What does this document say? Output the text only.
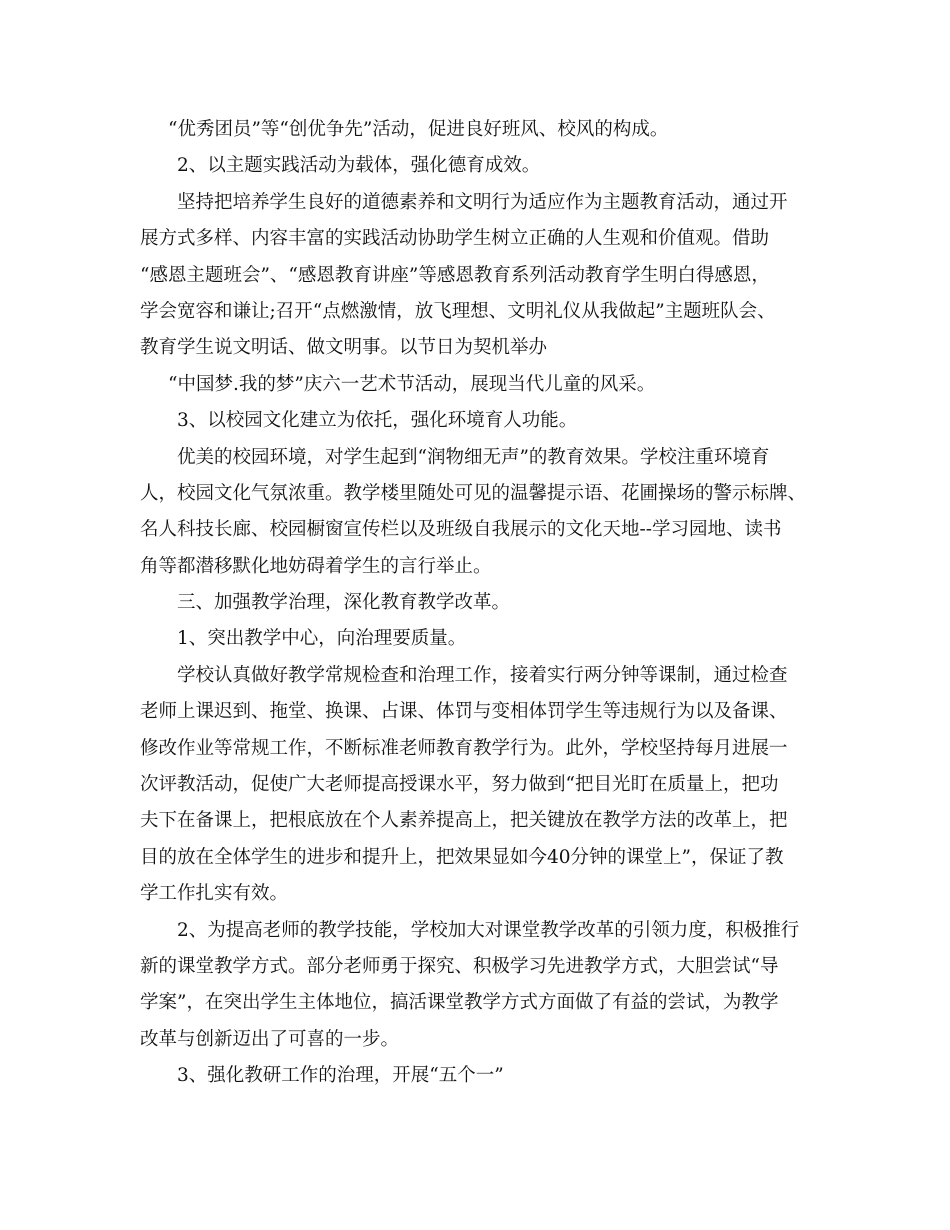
“优秀团员”等“创优争先”活动，促进良好班风、校风的构成。
2、以主题实践活动为载体，强化德育成效。
坚持把培养学生良好的道德素养和文明行为适应作为主题教育活动，通过开
展方式多样、内容丰富的实践活动协助学生树立正确的人生观和价值观。借助
“感恩主题班会”、“感恩教育讲座”等感恩教育系列活动教育学生明白得感恩，
学会宽容和谦让;召开“点燃激情，放飞理想、文明礼仪从我做起”主题班队会、
教育学生说文明话、做文明事。以节日为契机举办
“中国梦.我的梦”庆六一艺术节活动，展现当代儿童的风采。
3、以校园文化建立为依托，强化环境育人功能。
优美的校园环境，对学生起到“润物细无声”的教育效果。学校注重环境育
人，校园文化气氛浓重。教学楼里随处可见的温馨提示语、花圃操场的警示标牌、
名人科技长廊、校园橱窗宣传栏以及班级自我展示的文化天地--学习园地、读书
角等都潜移默化地妨碍着学生的言行举止。
三、加强教学治理，深化教育教学改革。
1、突出教学中心，向治理要质量。
学校认真做好教学常规检查和治理工作，接着实行两分钟等课制，通过检查
老师上课迟到、拖堂、换课、占课、体罚与变相体罚学生等违规行为以及备课、
修改作业等常规工作，不断标准老师教育教学行为。此外，学校坚持每月进展一
次评教活动，促使广大老师提高授课水平，努力做到“把目光盯在质量上，把功
夫下在备课上，把根底放在个人素养提高上，把关键放在教学方法的改革上，把
目的放在全体学生的进步和提升上，把效果显如今40分钟的课堂上”，保证了教
学工作扎实有效。
2、为提高老师的教学技能，学校加大对课堂教学改革的引领力度，积极推行
新的课堂教学方式。部分老师勇于探究、积极学习先进教学方式，大胆尝试“导
学案”，在突出学生主体地位，搞活课堂教学方式方面做了有益的尝试，为教学
改革与创新迈出了可喜的一步。
3、强化教研工作的治理，开展“五个一”
